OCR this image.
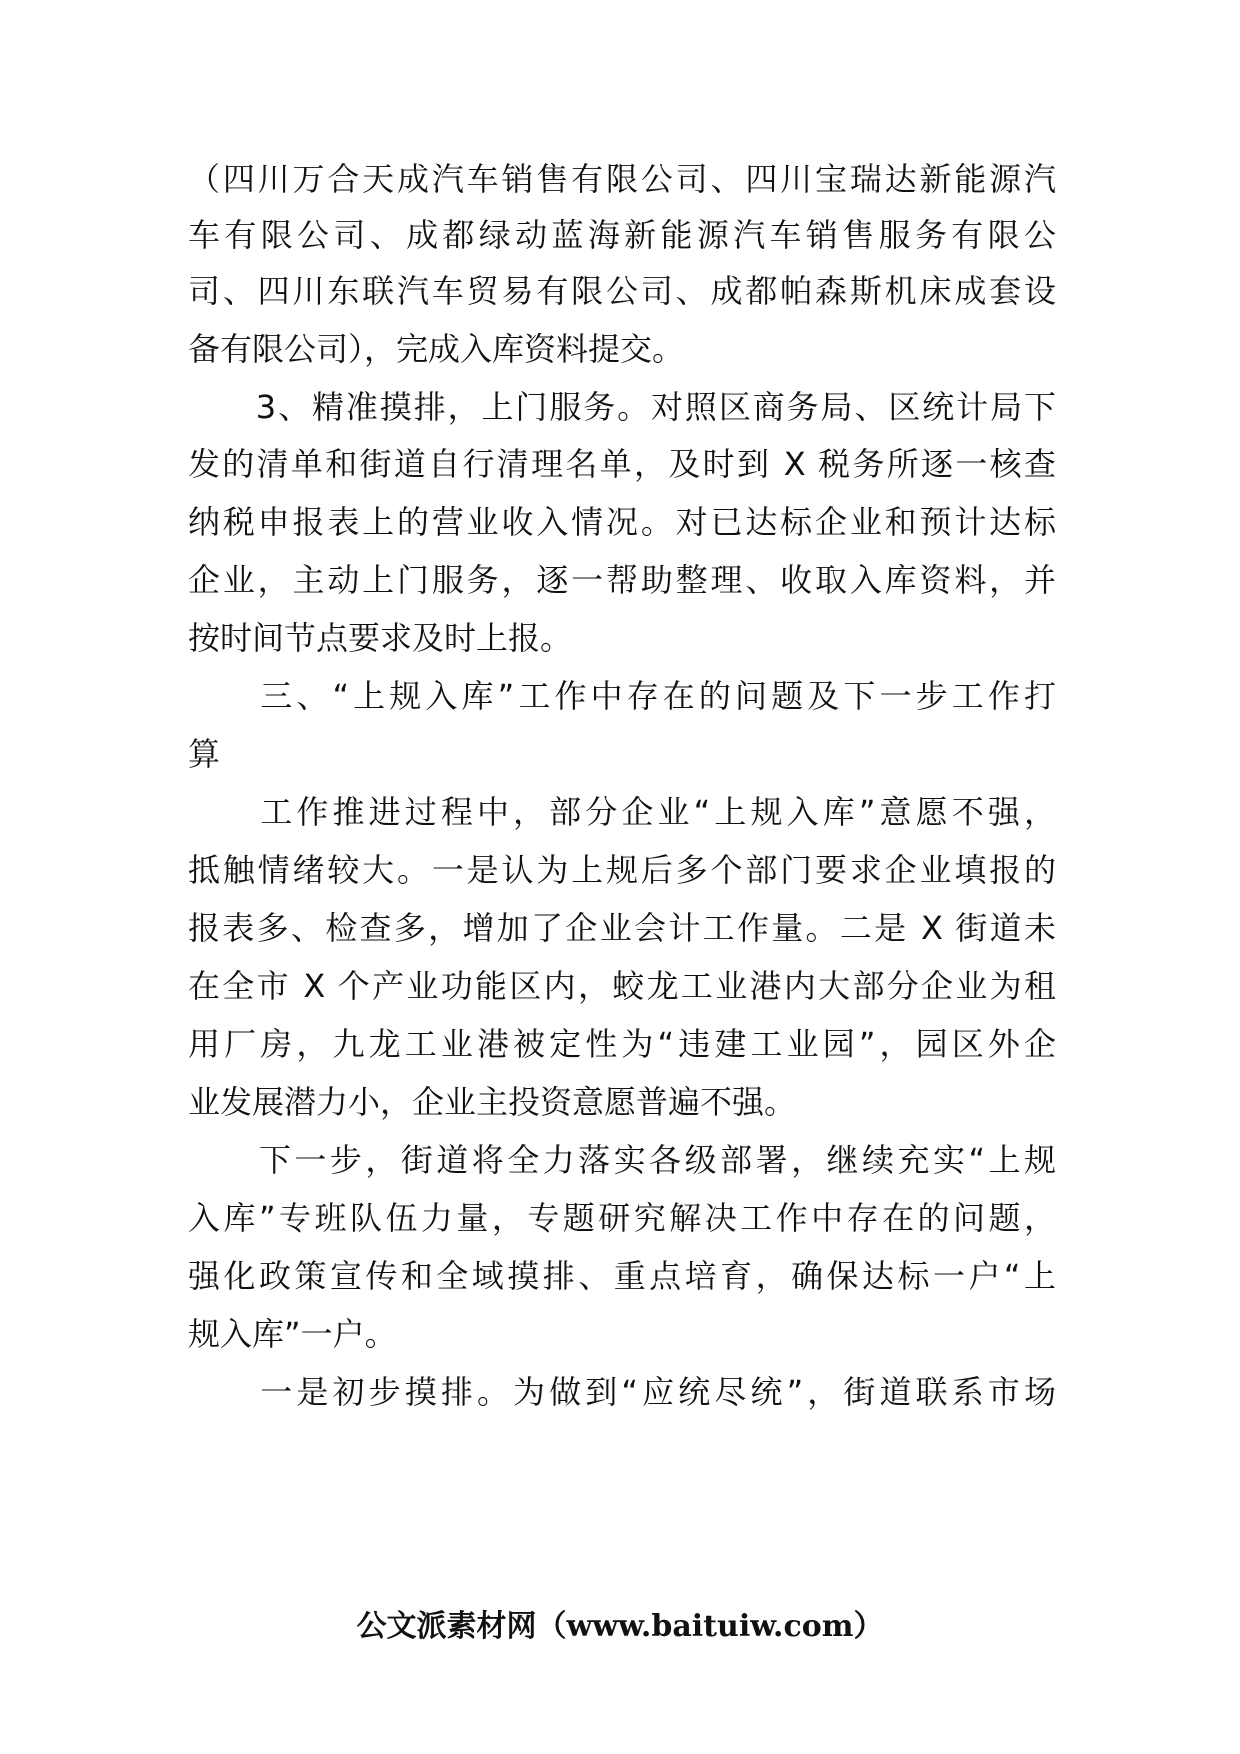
（四川万合天成汽车销售有限公司、四川宝瑞达新能源汽
车有限公司、成都绿动蓝海新能源汽车销售服务有限公
司、四川东联汽车贸易有限公司、成都帕森斯机床成套设
备有限公司），完成入库资料提交。
　　3、精准摸排，上门服务。对照区商务局、区统计局下
发的清单和街道自行清理名单，及时到 X 税务所逐一核查
纳税申报表上的营业收入情况。对已达标企业和预计达标
企业，主动上门服务，逐一帮助整理、收取入库资料，并
按时间节点要求及时上报。
　　三、“上规入库”工作中存在的问题及下一步工作打
算
　　工作推进过程中，部分企业“上规入库”意愿不强，
抵触情绪较大。一是认为上规后多个部门要求企业填报的
报表多、检查多，增加了企业会计工作量。二是 X 街道未
在全市 X 个产业功能区内，蛟龙工业港内大部分企业为租
用厂房，九龙工业港被定性为“违建工业园”，园区外企
业发展潜力小，企业主投资意愿普遍不强。
　　下一步，街道将全力落实各级部署，继续充实“上规
入库”专班队伍力量，专题研究解决工作中存在的问题，
强化政策宣传和全域摸排、重点培育，确保达标一户“上
规入库”一户。
　　一是初步摸排。为做到“应统尽统”，街道联系市场
公文派素材网（www.baituiw.com）
